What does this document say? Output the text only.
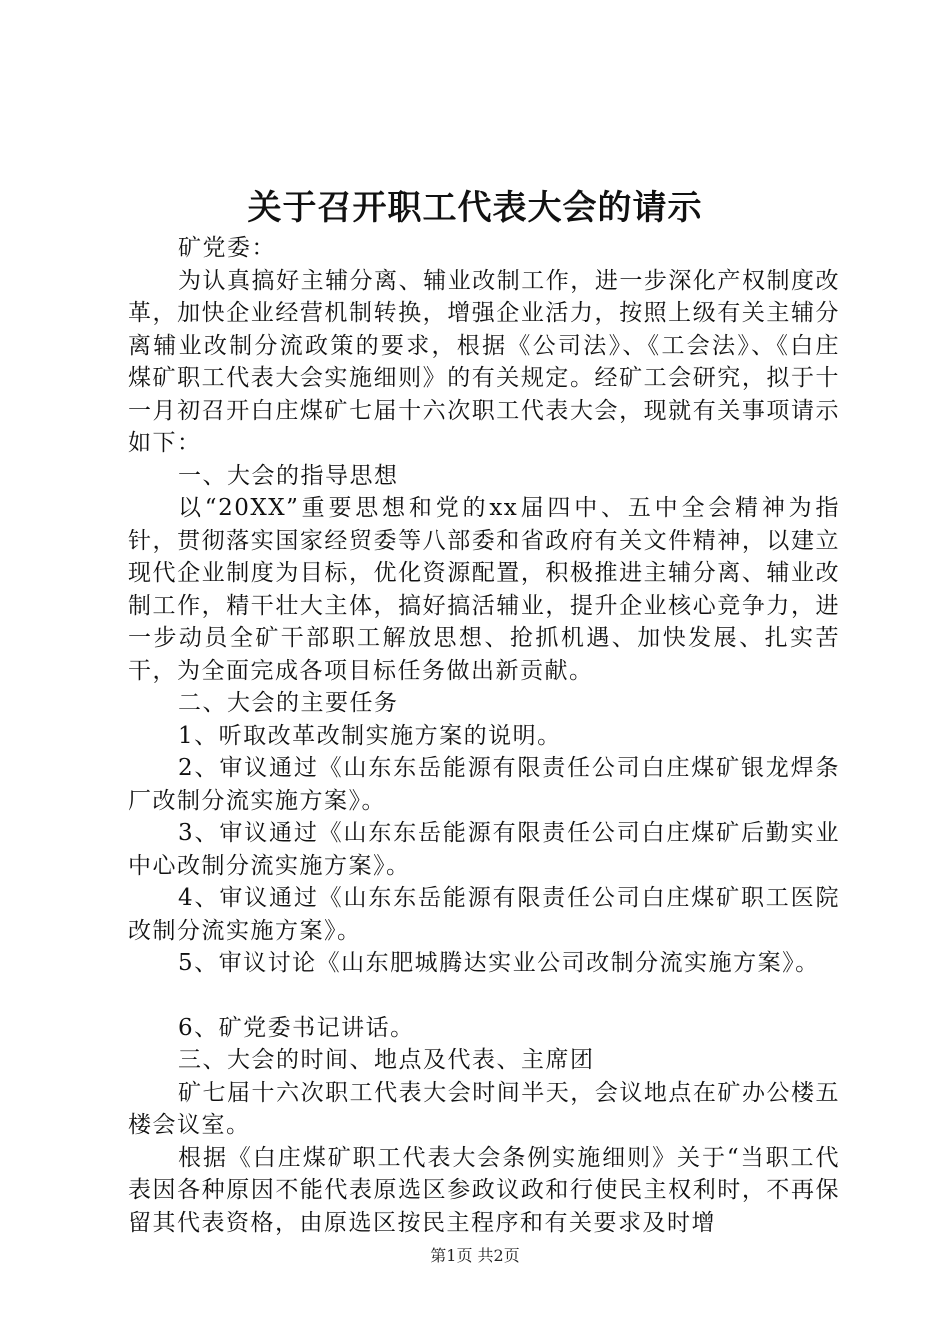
关于召开职工代表大会的请示

矿党委：

为认真搞好主辅分离、辅业改制工作，进一步深化产权制度改革，加快企业经营机制转换，增强企业活力，按照上级有关主辅分离辅业改制分流政策的要求，根据《公司法》、《工会法》、《白庄煤矿职工代表大会实施细则》的有关规定。经矿工会研究，拟于十一月初召开白庄煤矿七届十六次职工代表大会，现就有关事项请示如下：

一、大会的指导思想

以“20XX”重要思想和党的xx届四中、五中全会精神为指针，贯彻落实国家经贸委等八部委和省政府有关文件精神，以建立现代企业制度为目标，优化资源配置，积极推进主辅分离、辅业改制工作，精干壮大主体，搞好搞活辅业，提升企业核心竞争力，进一步动员全矿干部职工解放思想、抢抓机遇、加快发展、扎实苦干，为全面完成各项目标任务做出新贡献。

二、大会的主要任务

1、听取改革改制实施方案的说明。

2、审议通过《山东东岳能源有限责任公司白庄煤矿银龙焊条厂改制分流实施方案》。

3、审议通过《山东东岳能源有限责任公司白庄煤矿后勤实业中心改制分流实施方案》。

4、审议通过《山东东岳能源有限责任公司白庄煤矿职工医院改制分流实施方案》。

5、审议讨论《山东肥城腾达实业公司改制分流实施方案》。

6、矿党委书记讲话。

三、大会的时间、地点及代表、主席团

矿七届十六次职工代表大会时间半天，会议地点在矿办公楼五楼会议室。

根据《白庄煤矿职工代表大会条例实施细则》关于“当职工代表因各种原因不能代表原选区参政议政和行使民主权利时，不再保留其代表资格，由原选区按民主程序和有关要求及时增

第1页 共2页
